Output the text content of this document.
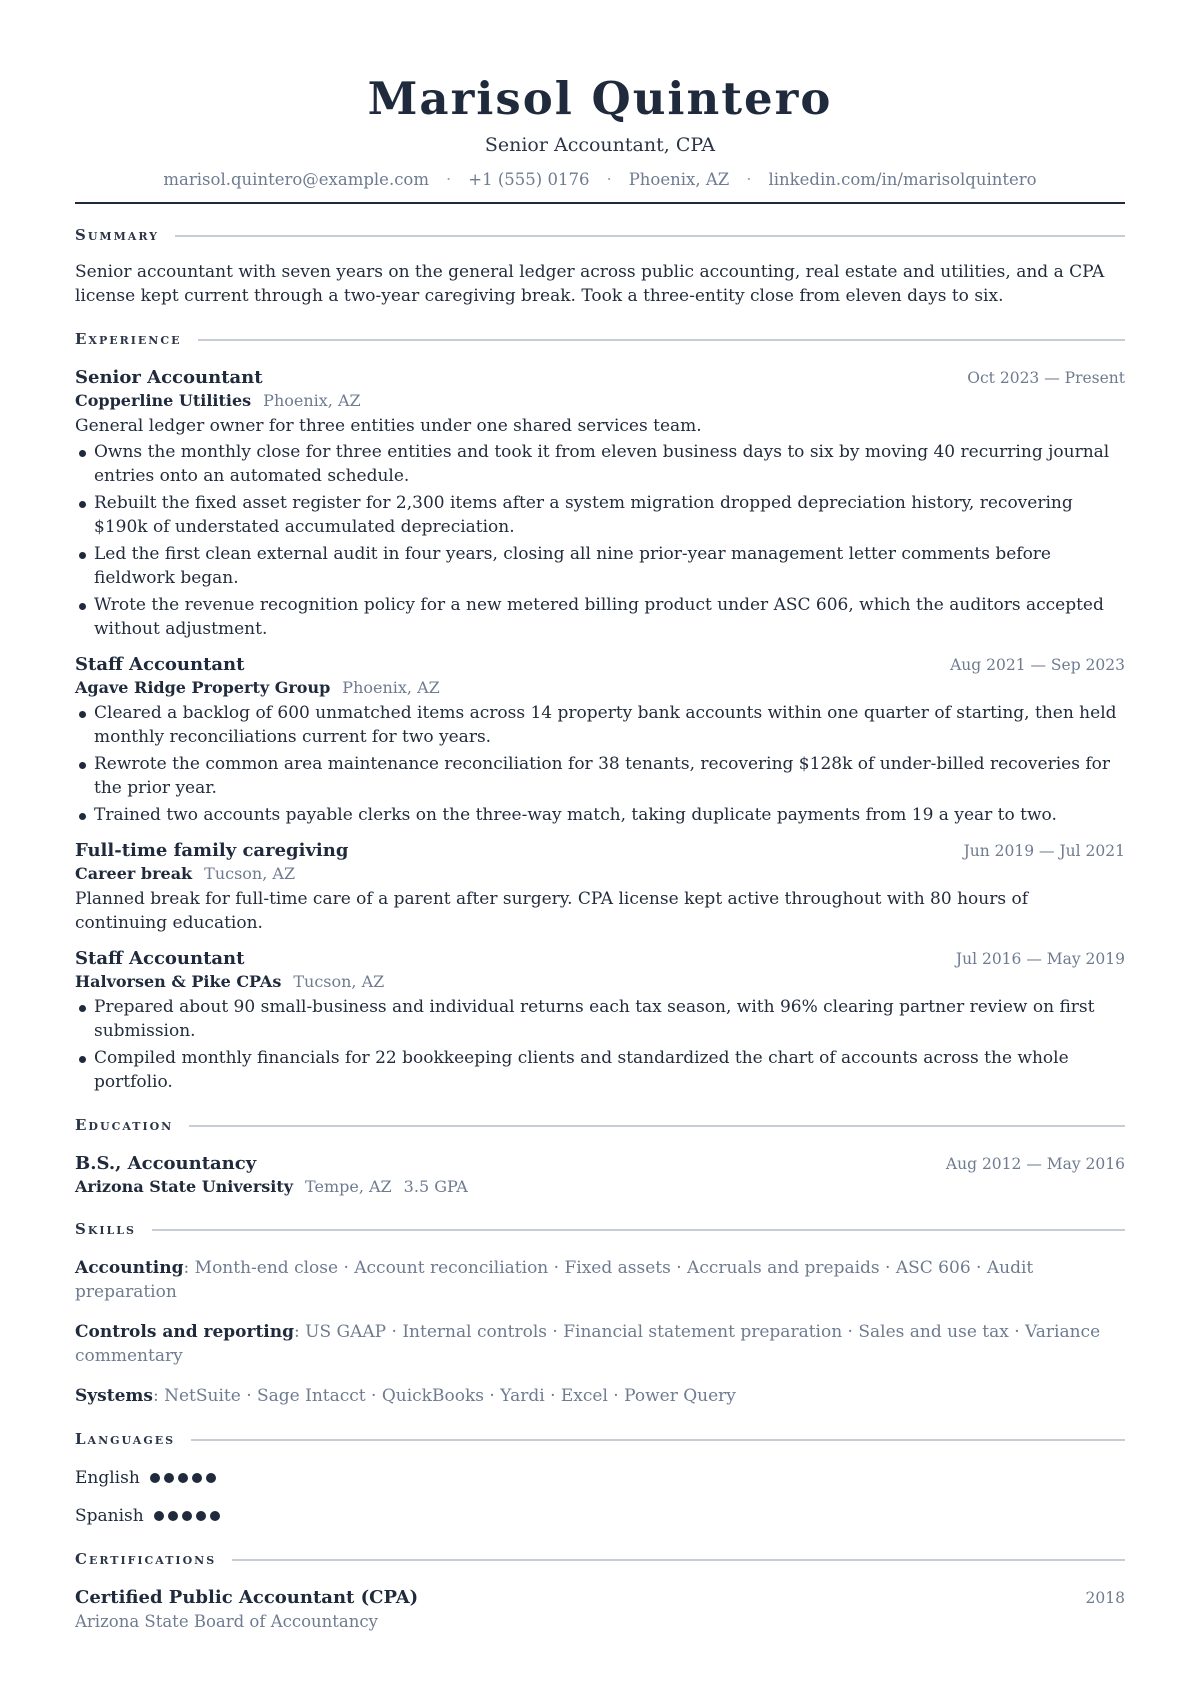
Marisol Quintero
Senior Accountant, CPA
marisol.quintero@example.com · +1 (555) 0176 · Phoenix, AZ · linkedin.com/in/marisolquintero
Summary
Senior accountant with seven years on the general ledger across public accounting, real estate and utilities, and a CPA license kept current through a two-year caregiving break. Took a three-entity close from eleven days to six.
Experience
Senior Accountant	Oct 2023 — Present
Copperline Utilities Phoenix, AZ
General ledger owner for three entities under one shared services team.
Owns the monthly close for three entities and took it from eleven business days to six by moving 40 recurring journal entries onto an automated schedule.
Rebuilt the fixed asset register for 2,300 items after a system migration dropped depreciation history, recovering $190k of understated accumulated depreciation.
Led the first clean external audit in four years, closing all nine prior-year management letter comments before fieldwork began.
Wrote the revenue recognition policy for a new metered billing product under ASC 606, which the auditors accepted without adjustment.
Staff Accountant	Aug 2021 — Sep 2023
Agave Ridge Property Group Phoenix, AZ
Cleared a backlog of 600 unmatched items across 14 property bank accounts within one quarter of starting, then held monthly reconciliations current for two years.
Rewrote the common area maintenance reconciliation for 38 tenants, recovering $128k of under-billed recoveries for the prior year.
Trained two accounts payable clerks on the three-way match, taking duplicate payments from 19 a year to two.
Full-time family caregiving	Jun 2019 — Jul 2021
Career break Tucson, AZ
Planned break for full-time care of a parent after surgery. CPA license kept active throughout with 80 hours of continuing education.
Staff Accountant	Jul 2016 — May 2019
Halvorsen & Pike CPAs Tucson, AZ
Prepared about 90 small-business and individual returns each tax season, with 96% clearing partner review on first submission.
Compiled monthly financials for 22 bookkeeping clients and standardized the chart of accounts across the whole portfolio.
Education
B.S., Accountancy	Aug 2012 — May 2016
Arizona State University Tempe, AZ 3.5 GPA
Skills
Accounting: Month-end close · Account reconciliation · Fixed assets · Accruals and prepaids · ASC 606 · Audit preparation
Controls and reporting: US GAAP · Internal controls · Financial statement preparation · Sales and use tax · Variance commentary
Systems: NetSuite · Sage Intacct · QuickBooks · Yardi · Excel · Power Query
Languages
English
Spanish
Certifications
Certified Public Accountant (CPA)	2018
Arizona State Board of Accountancy
